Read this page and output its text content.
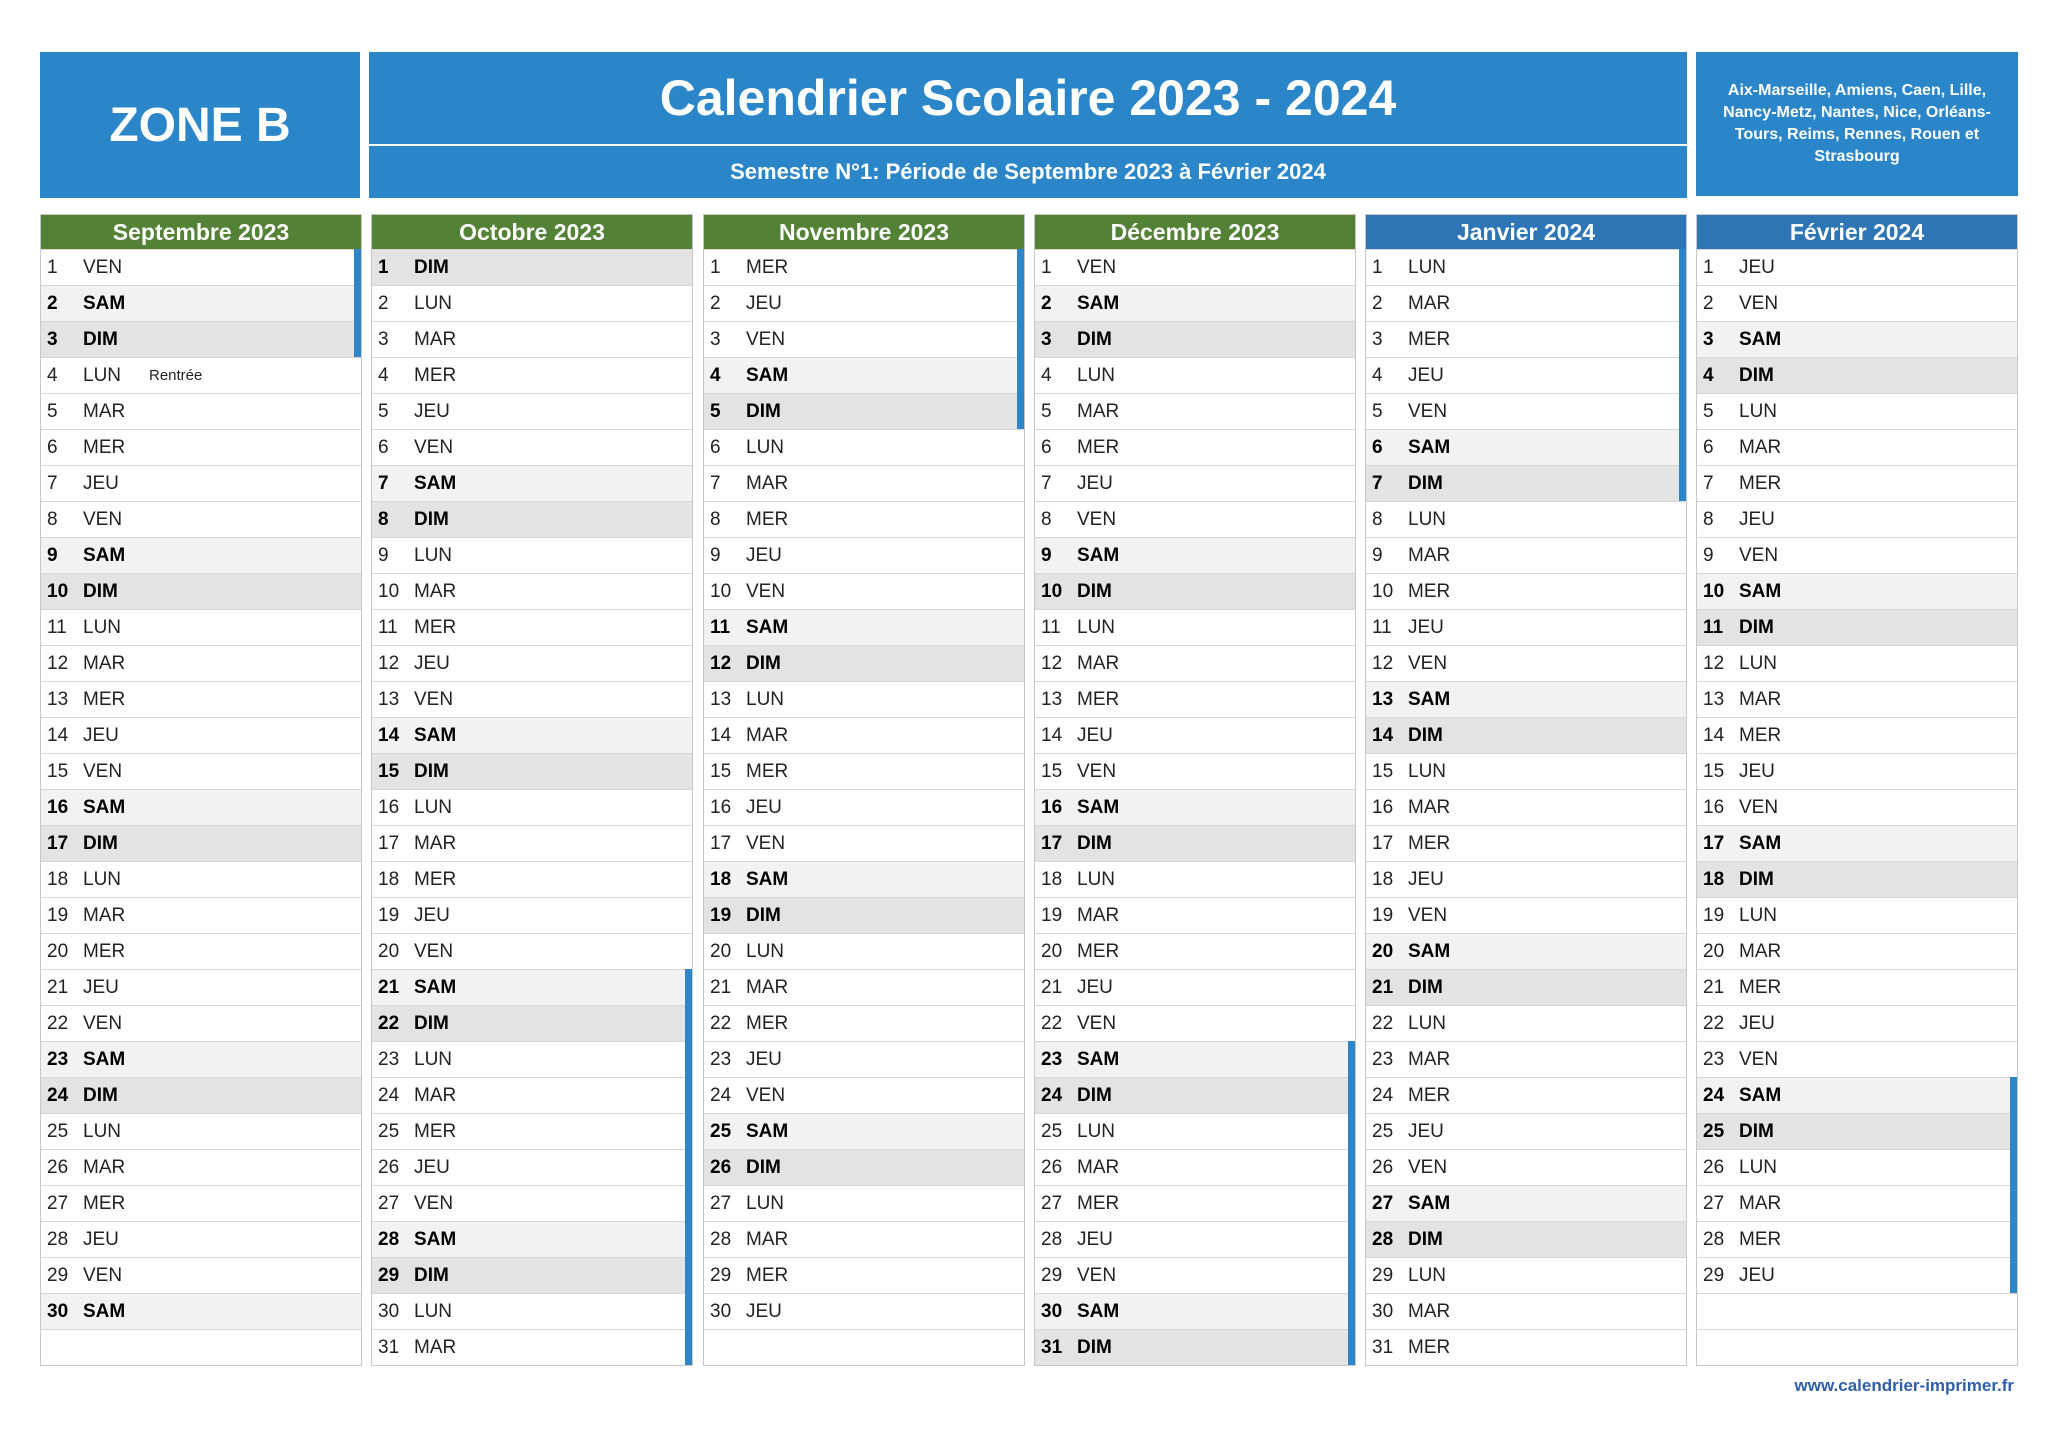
ZONE B	Calendrier Scolaire 2023 - 2024
Semestre N°1: Période de Septembre 2023 à Février 2024
Aix-Marseille, Amiens, Caen, Lille, Nancy-Metz, Nantes, Nice, Orléans-Tours, Reims, Rennes, Rouen et Strasbourg
Septembre 2023
1	VEN
2	SAM
3	DIM
4	LUN	Rentrée
5	MAR
6	MER
7	JEU
8	VEN
9	SAM
10 DIM
11 LUN
12 MAR
13 MER
14 JEU
15 VEN
16 SAM
17 DIM
18 LUN
19 MAR
20 MER
21 JEU
22 VEN
23 SAM
24 DIM
25 LUN
26 MAR
27 MER
28 JEU
29 VEN
30 SAM
Octobre 2023
1	DIM
2	LUN
3	MAR
4	MER
5	JEU
6	VEN
7	SAM
8	DIM
9	LUN
10 MAR
11 MER
12 JEU
13 VEN
14 SAM
15 DIM
16 LUN
17 MAR
18 MER
19 JEU
20 VEN
21 SAM
22 DIM
23 LUN
24 MAR
25 MER
26 JEU
27 VEN
28 SAM
29 DIM
30 LUN
31 MAR
Novembre 2023
1	MER
2	JEU
3	VEN
4	SAM
5	DIM
6	LUN
7	MAR
8	MER
9	JEU
10 VEN
11 SAM
12 DIM
13 LUN
14 MAR
15 MER
16 JEU
17 VEN
18 SAM
19 DIM
20 LUN
21 MAR
22 MER
23 JEU
24 VEN
25 SAM
26 DIM
27 LUN
28 MAR
29 MER
30 JEU
Décembre 2023
1	VEN
2	SAM
3	DIM
4	LUN
5	MAR
6	MER
7	JEU
8	VEN
9	SAM
10 DIM
11 LUN
12 MAR
13 MER
14 JEU
15 VEN
16 SAM
17 DIM
18 LUN
19 MAR
20 MER
21 JEU
22 VEN
23 SAM
24 DIM
25 LUN
26 MAR
27 MER
28 JEU
29 VEN
30 SAM
31 DIM
Janvier 2024
1	LUN
2	MAR
3	MER
4	JEU
5	VEN
6	SAM
7	DIM
8	LUN
9	MAR
10 MER
11 JEU
12 VEN
13 SAM
14 DIM
15 LUN
16 MAR
17 MER
18 JEU
19 VEN
20 SAM
21 DIM
22 LUN
23 MAR
24 MER
25 JEU
26 VEN
27 SAM
28 DIM
29 LUN
30 MAR
31 MER
Février 2024
1	JEU
2	VEN
3	SAM
4	DIM
5	LUN
6	MAR
7	MER
8	JEU
9	VEN
10 SAM
11 DIM
12 LUN
13 MAR
14 MER
15 JEU
16 VEN
17 SAM
18 DIM
19 LUN
20 MAR
21 MER
22 JEU
23 VEN
24 SAM
25 DIM
26 LUN
27 MAR
28 MER
29 JEU
www.calendrier-imprimer.fr
